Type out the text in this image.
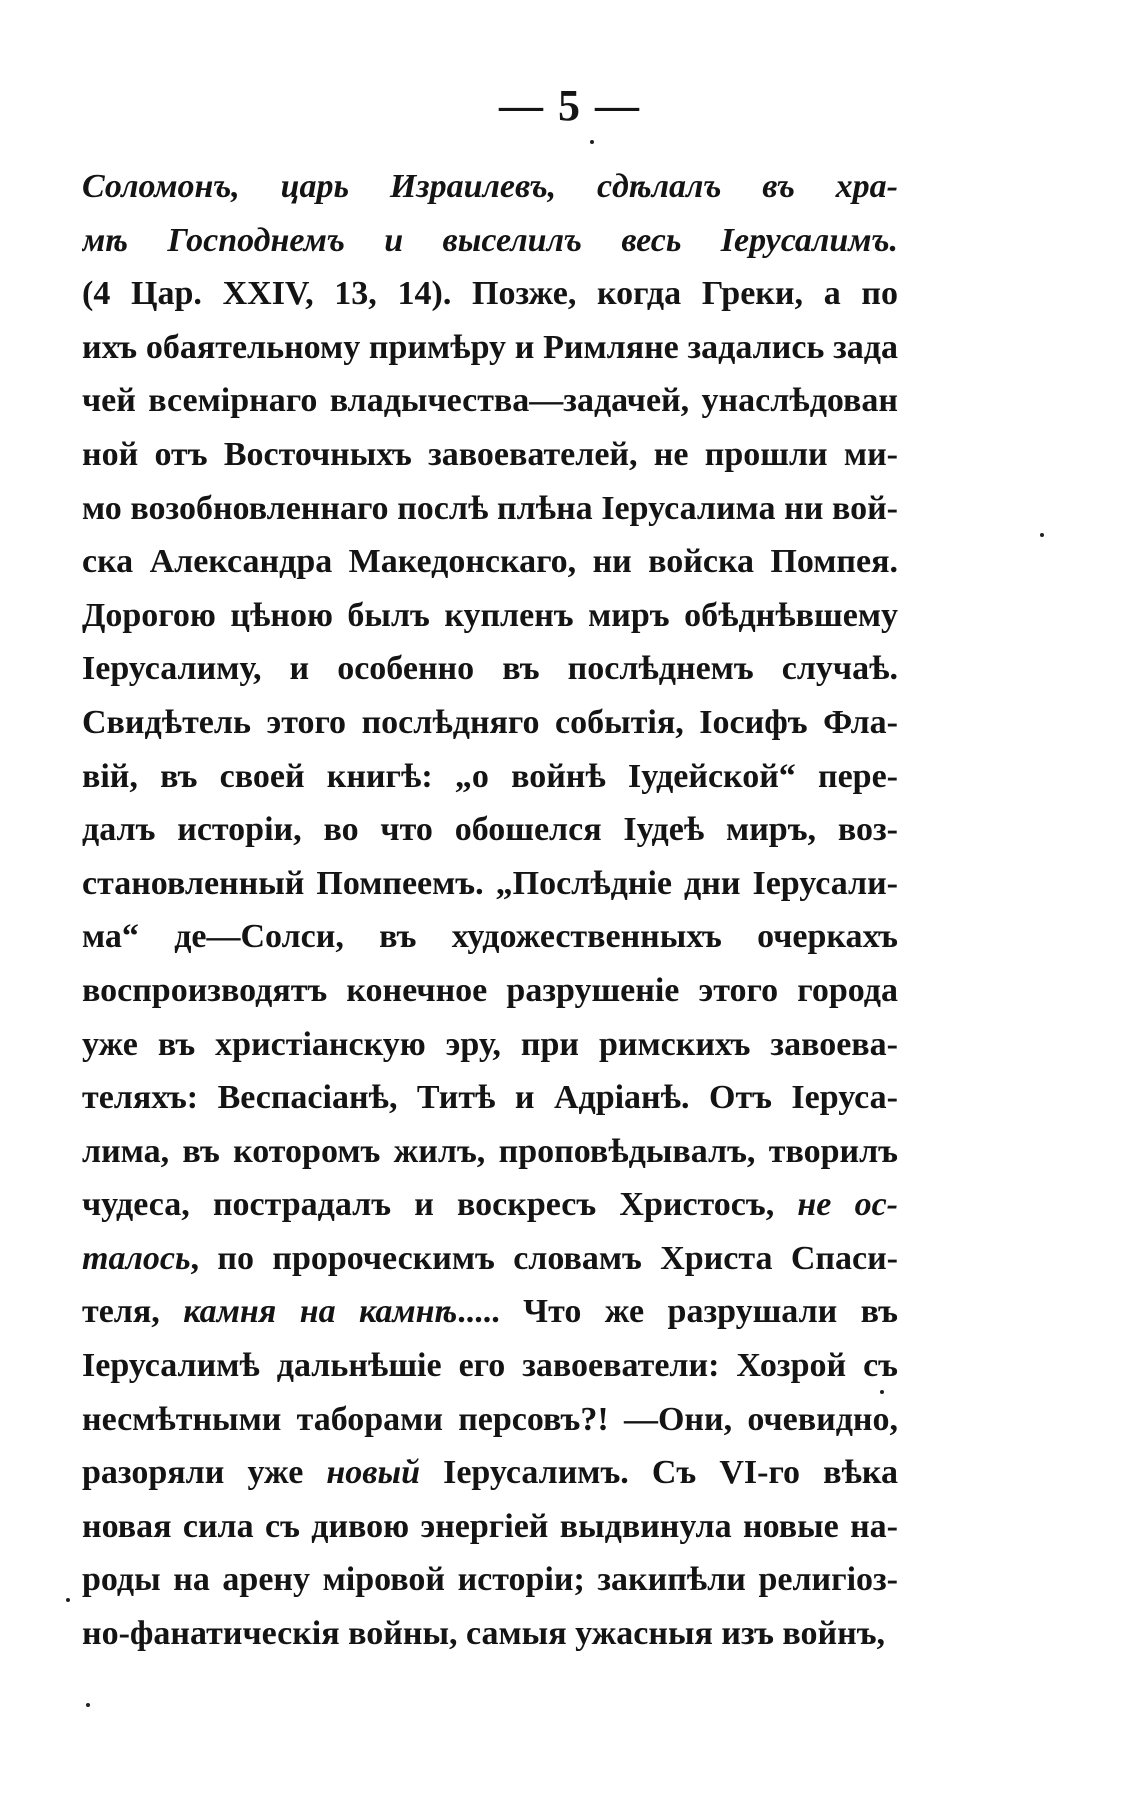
— 5 —
Соломонъ, царь Израилевъ, сдѣлалъ въ хра-
мѣ Господнемъ и выселилъ весь Іерусалимъ.
(4 Цар. XXIV, 13, 14). Позже, когда Греки, а по
ихъ обаятельному примѣру и Римляне задались зада
чей всемірнаго владычества—задачей, унаслѣдован
ной отъ Восточныхъ завоевателей, не прошли ми-
мо возобновленнаго послѣ плѣна Іерусалима ни вой-
ска Александра Македонскаго, ни войска Помпея.
Дорогою цѣною былъ купленъ миръ обѣднѣвшему
Іерусалиму, и особенно въ послѣднемъ случаѣ.
Свидѣтель этого послѣдняго событія, Іосифъ Фла-
вій, въ своей книгѣ: „о войнѣ Іудейской“ пере-
далъ исторіи, во что обошелся Іудеѣ миръ, воз-
становленный Помпеемъ. „Послѣдніе дни Іерусали-
ма“ де—Солси, въ художественныхъ очеркахъ
воспроизводятъ конечное разрушеніе этого города
уже въ христіанскую эру, при римскихъ завоева-
теляхъ: Веспасіанѣ, Титѣ и Адріанѣ. Отъ Іеруса-
лима, въ которомъ жилъ, проповѣдывалъ, творилъ
чудеса, пострадалъ и воскресъ Христосъ, не ос-
талось, по пророческимъ словамъ Христа Спаси-
теля, камня на камнѣ..... Что же разрушали въ
Іерусалимѣ дальнѣшіе его завоеватели: Хозрой съ
несмѣтными таборами персовъ?! —Они, очевидно,
разоряли уже новый Іерусалимъ. Съ VI-го вѣка
новая сила съ дивою энергіей выдвинула новые на-
роды на арену міровой исторіи; закипѣли религіоз-
но-фанатическія войны, самыя ужасныя изъ войнъ,
